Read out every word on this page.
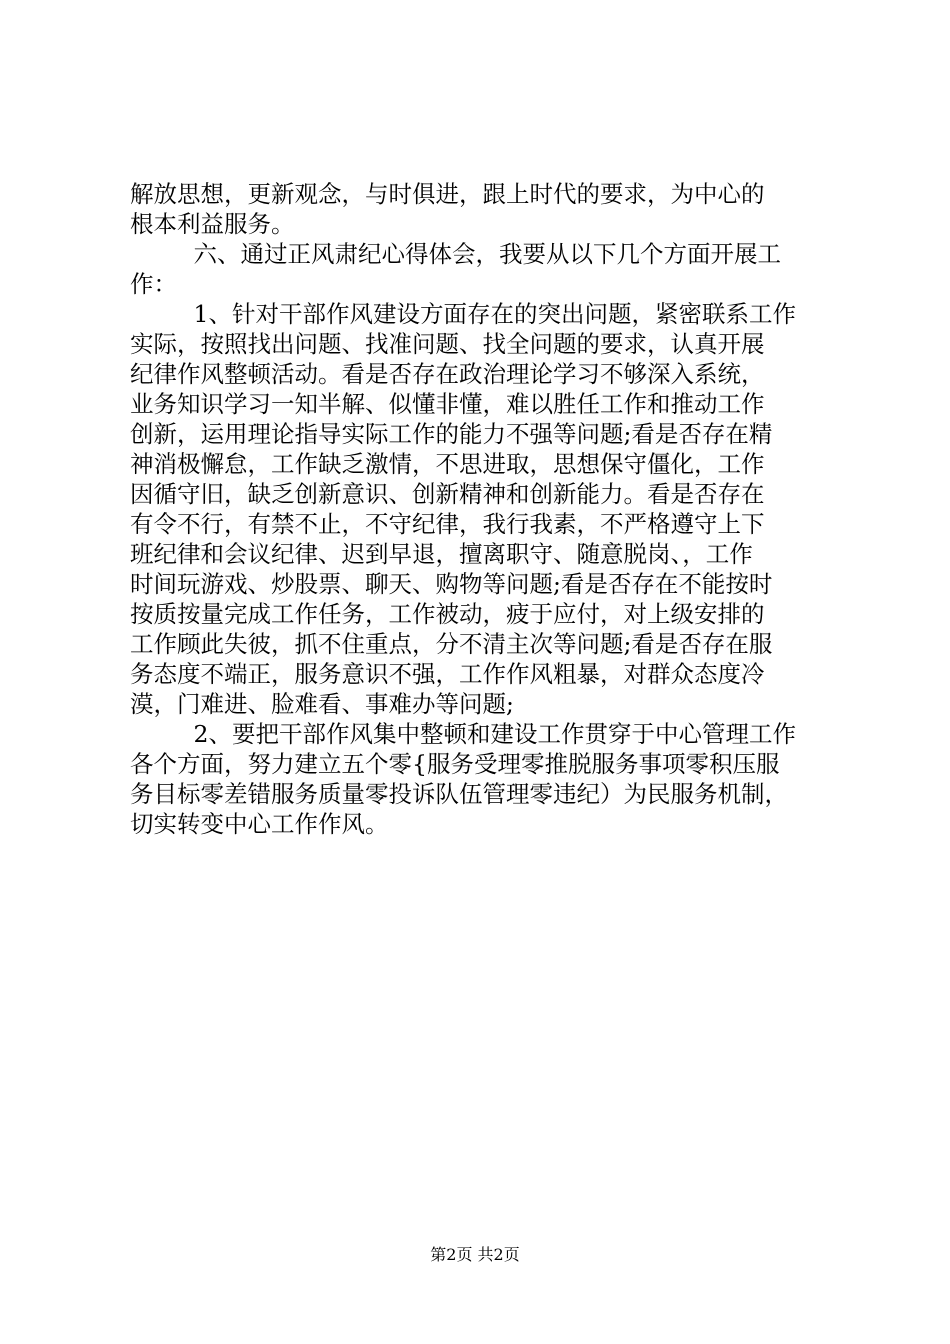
解放思想，更新观念，与时俱进，跟上时代的要求，为中心的
根本利益服务。
　六、通过正风肃纪心得体会，我要从以下几个方面开展工
作：
　1、针对干部作风建设方面存在的突出问题，紧密联系工作
实际，按照找出问题、找准问题、找全问题的要求，认真开展
纪律作风整顿活动。看是否存在政治理论学习不够深入系统，
业务知识学习一知半解、似懂非懂，难以胜任工作和推动工作
创新，运用理论指导实际工作的能力不强等问题;看是否存在精
神消极懈怠，工作缺乏激情，不思进取，思想保守僵化，工作
因循守旧，缺乏创新意识、创新精神和创新能力。看是否存在
有令不行，有禁不止，不守纪律，我行我素，不严格遵守上下
班纪律和会议纪律、迟到早退，擅离职守、随意脱岗、，工作
时间玩游戏、炒股票、聊天、购物等问题;看是否存在不能按时
按质按量完成工作任务，工作被动，疲于应付，对上级安排的
工作顾此失彼，抓不住重点，分不清主次等问题;看是否存在服
务态度不端正，服务意识不强，工作作风粗暴，对群众态度冷
漠，门难进、脸难看、事难办等问题;
　2、要把干部作风集中整顿和建设工作贯穿于中心管理工作
各个方面，努力建立五个零{服务受理零推脱服务事项零积压服
务目标零差错服务质量零投诉队伍管理零违纪）为民服务机制，
切实转变中心工作作风。
第2页 共2页
